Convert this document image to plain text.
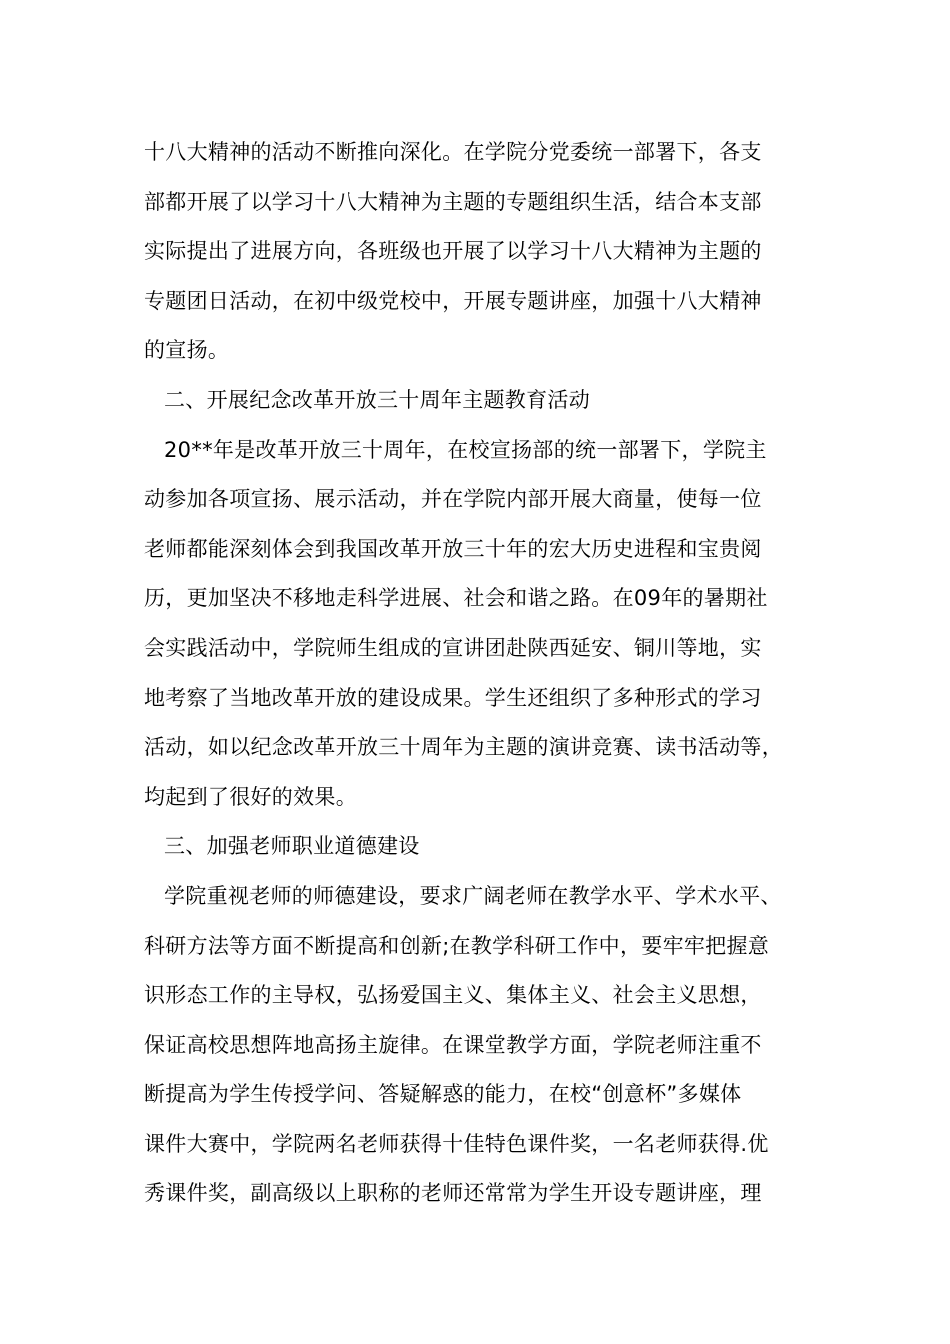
十八大精神的活动不断推向深化。在学院分党委统一部署下，各支
部都开展了以学习十八大精神为主题的专题组织生活，结合本支部
实际提出了进展方向，各班级也开展了以学习十八大精神为主题的
专题团日活动，在初中级党校中，开展专题讲座，加强十八大精神
的宣扬。
二、开展纪念改革开放三十周年主题教育活动
20**年是改革开放三十周年，在校宣扬部的统一部署下，学院主
动参加各项宣扬、展示活动，并在学院内部开展大商量，使每一位
老师都能深刻体会到我国改革开放三十年的宏大历史进程和宝贵阅
历，更加坚决不移地走科学进展、社会和谐之路。在09年的暑期社
会实践活动中，学院师生组成的宣讲团赴陕西延安、铜川等地，实
地考察了当地改革开放的建设成果。学生还组织了多种形式的学习
活动，如以纪念改革开放三十周年为主题的演讲竞赛、读书活动等，
均起到了很好的效果。
三、加强老师职业道德建设
学院重视老师的师德建设，要求广阔老师在教学水平、学术水平、
科研方法等方面不断提高和创新;在教学科研工作中，要牢牢把握意
识形态工作的主导权，弘扬爱国主义、集体主义、社会主义思想，
保证高校思想阵地高扬主旋律。在课堂教学方面，学院老师注重不
断提高为学生传授学问、答疑解惑的能力，在校“创意杯”多媒体
课件大赛中，学院两名老师获得十佳特色课件奖，一名老师获得.优
秀课件奖，副高级以上职称的老师还常常为学生开设专题讲座，理
